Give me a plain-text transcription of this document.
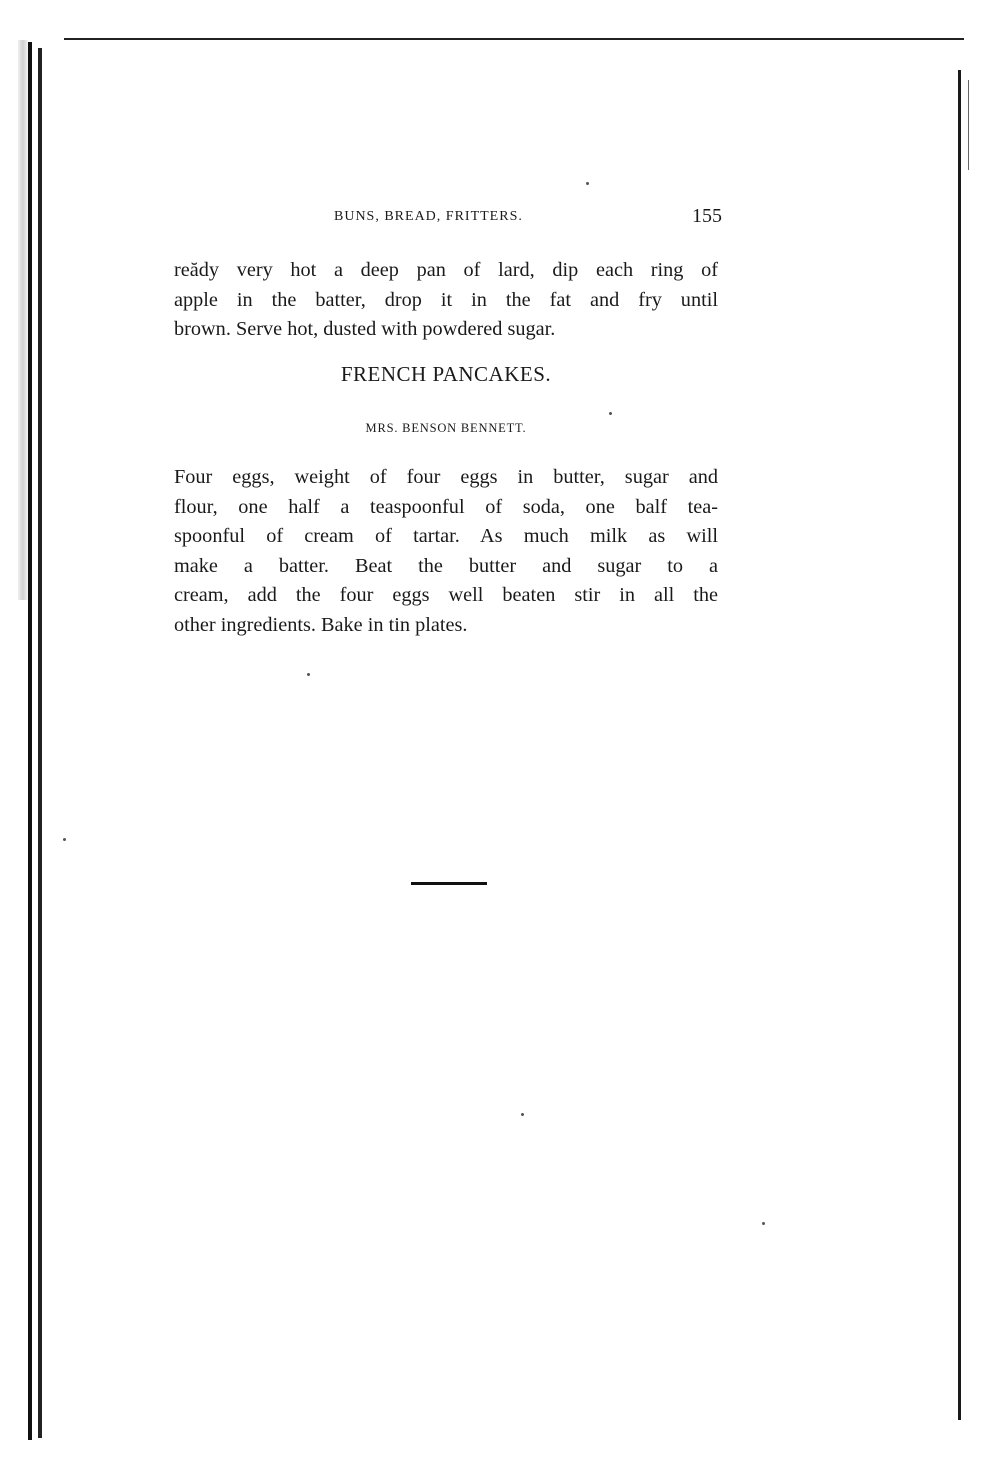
BUNS, BREAD, FRITTERS.	155
reădy very hot a deep pan of lard, dip each ring of
apple in the batter, drop it in the fat and fry until
brown. Serve hot, dusted with powdered sugar.
FRENCH PANCAKES.
MRS. BENSON BENNETT.
Four eggs, weight of four eggs in butter, sugar and
flour, one half a teaspoonful of soda, one balf tea-
spoonful of cream of tartar. As much milk as will
make a batter. Beat the butter and sugar to a
cream, add the four eggs well beaten stir in all the
other ingredients. Bake in tin plates.
